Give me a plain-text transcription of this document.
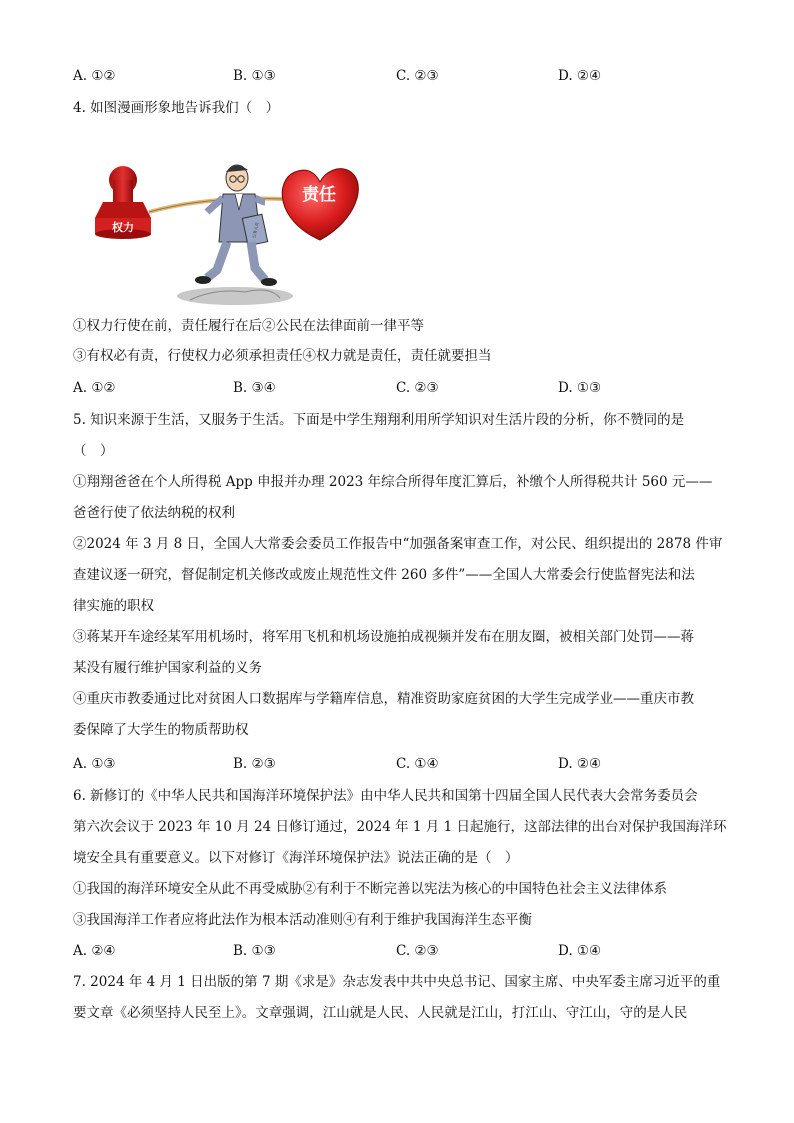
A. ①②	B. ①③	C. ②③	D. ②④
4. 如图漫画形象地告诉我们（　）
权力
责任
公务人员
①权力行使在前，责任履行在后②公民在法律面前一律平等
③有权必有责，行使权力必须承担责任④权力就是责任，责任就要担当
A. ①②	B. ③④	C. ②③	D. ①③
5. 知识来源于生活，又服务于生活。下面是中学生翔翔利用所学知识对生活片段的分析，你不赞同的是
（　）
①翔翔爸爸在个人所得税 App 申报并办理 2023 年综合所得年度汇算后，补缴个人所得税共计 560 元——
爸爸行使了依法纳税的权利
②2024 年 3 月 8 日，全国人大常委会委员工作报告中“加强备案审查工作，对公民、组织提出的 2878 件审
查建议逐一研究，督促制定机关修改或废止规范性文件 260 多件”——全国人大常委会行使监督宪法和法
律实施的职权
③蒋某开车途经某军用机场时，将军用飞机和机场设施拍成视频并发布在朋友圈，被相关部门处罚——蒋
某没有履行维护国家利益的义务
④重庆市教委通过比对贫困人口数据库与学籍库信息，精准资助家庭贫困的大学生完成学业——重庆市教
委保障了大学生的物质帮助权
A. ①③	B. ②③	C. ①④	D. ②④
6. 新修订的《中华人民共和国海洋环境保护法》由中华人民共和国第十四届全国人民代表大会常务委员会
第六次会议于 2023 年 10 月 24 日修订通过，2024 年 1 月 1 日起施行，这部法律的出台对保护我国海洋环
境安全具有重要意义。以下对修订《海洋环境保护法》说法正确的是（　）
①我国的海洋环境安全从此不再受威胁②有利于不断完善以宪法为核心的中国特色社会主义法律体系
③我国海洋工作者应将此法作为根本活动准则④有利于维护我国海洋生态平衡
A. ②④	B. ①③	C. ②③	D. ①④
7. 2024 年 4 月 1 日出版的第 7 期《求是》杂志发表中共中央总书记、国家主席、中央军委主席习近平的重
要文章《必须坚持人民至上》。文章强调，江山就是人民、人民就是江山，打江山、守江山，守的是人民
